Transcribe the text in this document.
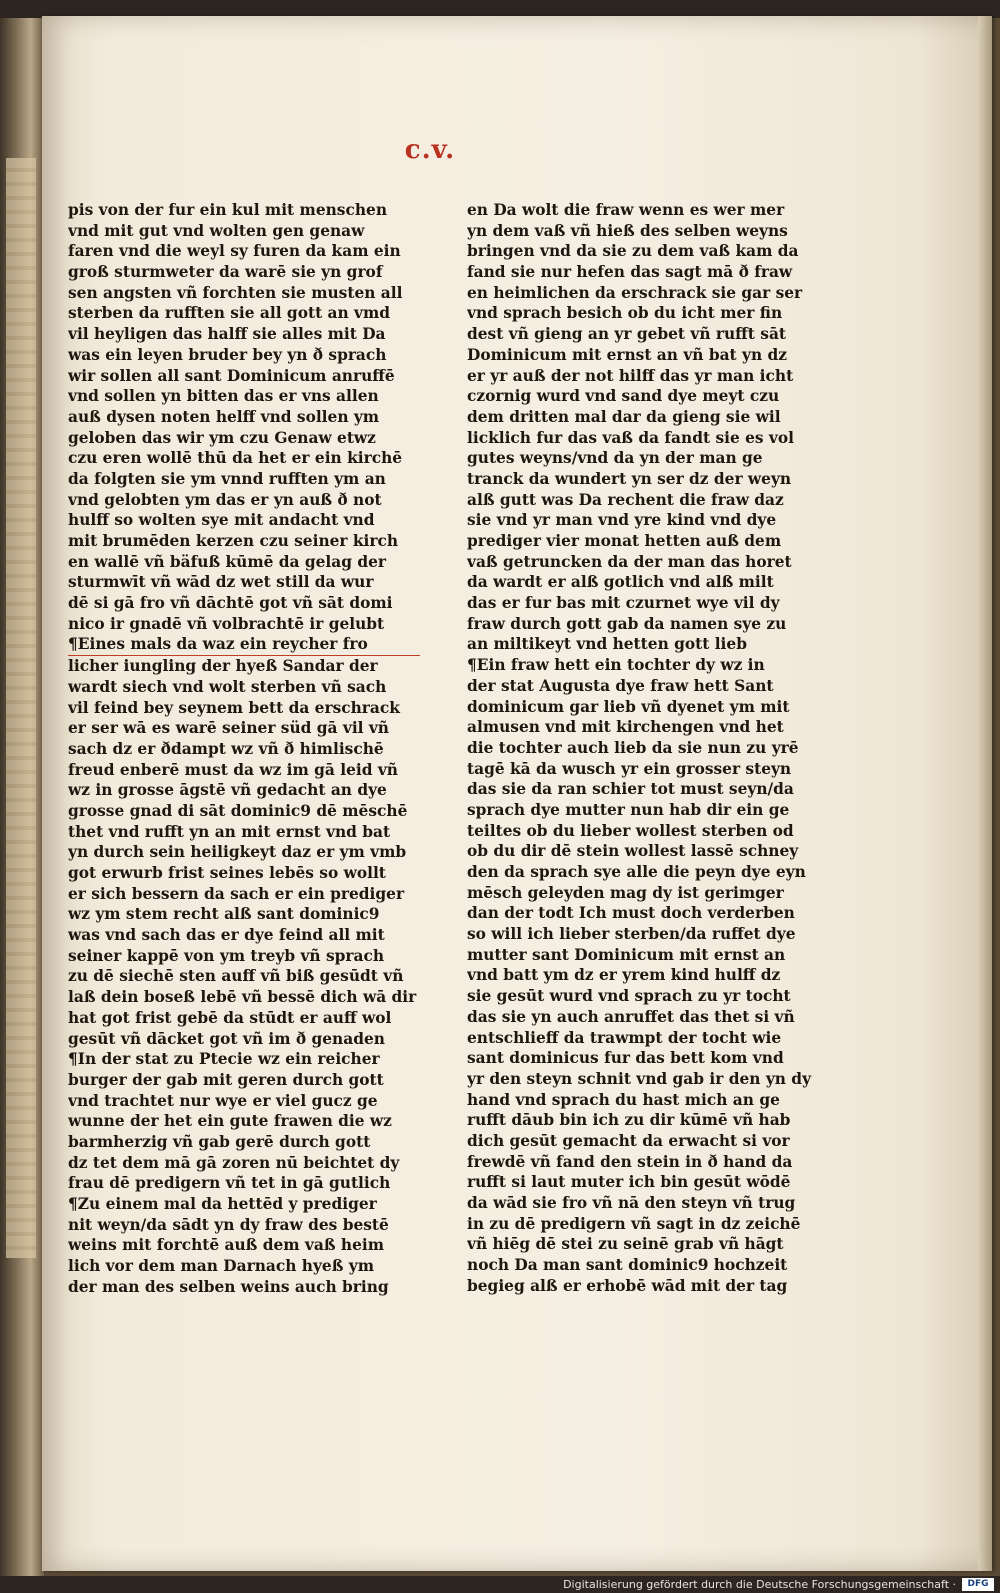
c.v.
pis von der fur ein kul mit menschen
vnd mit gut vnd wolten gen genaw
faren vnd die weyl sy furen da kam ein
groß sturmweter da warē sie yn grof
sen angsten vñ forchten sie musten all
sterben da rufften sie all gott an vmd
vil heyligen das halff sie alles mit Da
was ein leyen bruder bey yn ð sprach
wir sollen all sant Dominicum anruffē
vnd sollen yn bitten das er vns allen
auß dysen noten helff vnd sollen ym
geloben das wir ym czu Genaw etwz
czu eren wollē thū da het er ein kirchē
da folgten sie ym vnnd rufften ym an
vnd gelobten ym das er yn auß ð not
hulff so wolten sye mit andacht vnd
mit brumēden kerzen czu seiner kirch
en wallē vñ bäfuß kūmē da gelag der
sturmwīt vñ wād dz wet still da wur
dē si gā fro vñ dāchtē got vñ sāt domi
nico ir gnadē vñ volbrachtē ir gelubt
¶Eines mals da waz ein reycher fro
licher iungling der hyeß Sandar der
wardt siech vnd wolt sterben vñ sach
vil feind bey seynem bett da erschrack
er ser wā es warē seiner süd gā vil vñ
sach dz er ðdampt wz vñ ð himlischē
freud enberē must da wz im gā leid vñ
wz in grosse āgstē vñ gedacht an dye
grosse gnad di sāt dominic9 dē mēschē
thet vnd rufft yn an mit ernst vnd bat
yn durch sein heiligkeyt daz er ym vmb
got erwurb frist seines lebēs so wollt
er sich bessern da sach er ein prediger
wz ym stem recht alß sant dominic9
was vnd sach das er dye feind all mit
seiner kappē von ym treyb vñ sprach
zu dē siechē sten auff vñ biß gesūdt vñ
laß dein boseß lebē vñ bessē dich wā dir
hat got frist gebē da stūdt er auff wol
gesūt vñ dācket got vñ im ð genaden
¶In der stat zu Ptecie wz ein reicher
burger der gab mit geren durch gott
vnd trachtet nur wye er viel gucz ge
wunne der het ein gute frawen die wz
barmherzig vñ gab gerē durch gott
dz tet dem mā gā zoren nū beichtet dy
frau dē predigern vñ tet in gā gutlich
¶Zu einem mal da hettēd y prediger
nit weyn/da sādt yn dy fraw des bestē
weins mit forchtē auß dem vaß heim
lich vor dem man Darnach hyeß ym
der man des selben weins auch bring
en Da wolt die fraw wenn es wer mer
yn dem vaß vñ hieß des selben weyns
bringen vnd da sie zu dem vaß kam da
fand sie nur hefen das sagt mā ð fraw
en heimlichen da erschrack sie gar ser
vnd sprach besich ob du icht mer fin
dest vñ gieng an yr gebet vñ rufft sāt
Dominicum mit ernst an vñ bat yn dz
er yr auß der not hilff das yr man icht
czornig wurd vnd sand dye meyt czu
dem dritten mal dar da gieng sie wil
licklich fur das vaß da fandt sie es vol
gutes weyns/vnd da yn der man ge
tranck da wundert yn ser dz der weyn
alß gutt was Da rechent die fraw daz
sie vnd yr man vnd yre kind vnd dye
prediger vier monat hetten auß dem
vaß getruncken da der man das horet
da wardt er alß gotlich vnd alß milt
das er fur bas mit czurnet wye vil dy
fraw durch gott gab da namen sye zu
an miltikeyt vnd hetten gott lieb
¶Ein fraw hett ein tochter dy wz in
der stat Augusta dye fraw hett Sant
dominicum gar lieb vñ dyenet ym mit
almusen vnd mit kirchengen vnd het
die tochter auch lieb da sie nun zu yrē
tagē kā da wusch yr ein grosser steyn
das sie da ran schier tot must seyn/da
sprach dye mutter nun hab dir ein ge
teiltes ob du lieber wollest sterben od
ob du dir dē stein wollest lassē schney
den da sprach sye alle die peyn dye eyn
mēsch geleyden mag dy ist gerimger
dan der todt Ich must doch verderben
so will ich lieber sterben/da ruffet dye
mutter sant Dominicum mit ernst an
vnd batt ym dz er yrem kind hulff dz
sie gesūt wurd vnd sprach zu yr tocht
das sie yn auch anruffet das thet si vñ
entschlieff da trawmpt der tocht wie
sant dominicus fur das bett kom vnd
yr den steyn schnit vnd gab ir den yn dy
hand vnd sprach du hast mich an ge
rufft dāub bin ich zu dir kūmē vñ hab
dich gesūt gemacht da erwacht si vor
frewdē vñ fand den stein in ð hand da
rufft si laut muter ich bin gesūt wōdē
da wād sie fro vñ nā den steyn vñ trug
in zu dē predigern vñ sagt in dz zeichē
vñ hiēg dē stei zu seinē grab vñ hāgt
noch Da man sant dominic9 hochzeit
begieg alß er erhobē wād mit der tag
Digitalisierung gefördert durch die Deutsche Forschungsgemeinschaft ·	DFG
